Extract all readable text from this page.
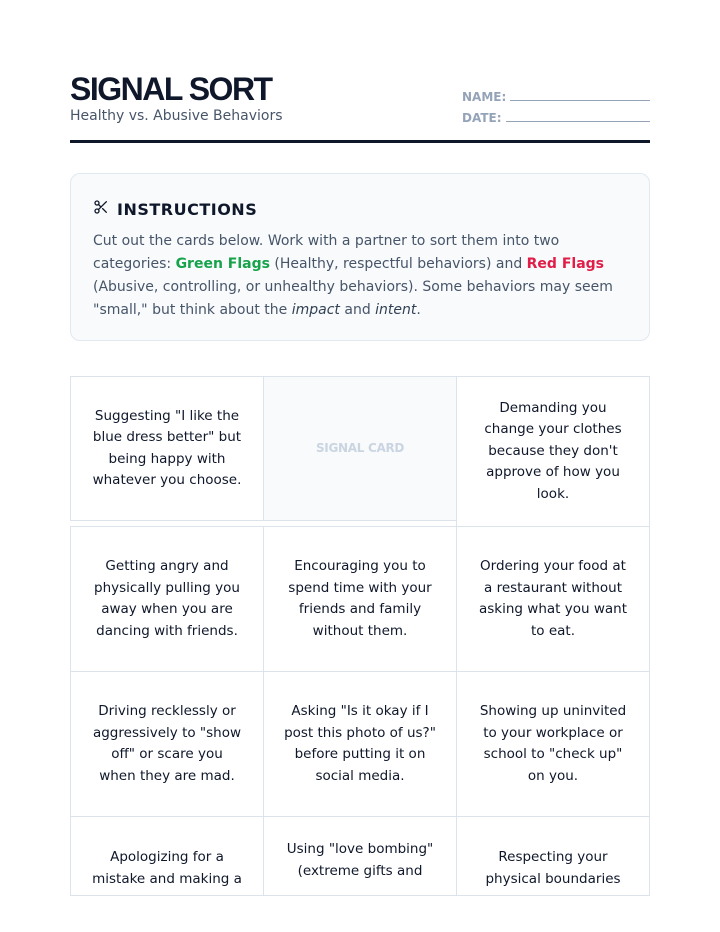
SIGNAL SORT
Healthy vs. Abusive Behaviors
NAME:
DATE:
INSTRUCTIONS
Cut out the cards below. Work with a partner to sort them into two categories: Green Flags (Healthy, respectful behaviors) and Red Flags (Abusive, controlling, or unhealthy behaviors). Some behaviors may seem "small," but think about the impact and intent.
Suggesting "I like the blue dress better" but being happy with whatever you choose.
SIGNAL CARD
Demanding you change your clothes because they don't approve of how you look.
Getting angry and physically pulling you away when you are dancing with friends.
Encouraging you to spend time with your friends and family without them.
Ordering your food at a restaurant without asking what you want to eat.
Driving recklessly or aggressively to "show off" or scare you when they are mad.
Asking "Is it okay if I post this photo of us?" before putting it on social media.
Showing up uninvited to your workplace or school to "check up" on you.
Apologizing for a mistake and making a
Using "love bombing" (extreme gifts and
Respecting your physical boundaries
